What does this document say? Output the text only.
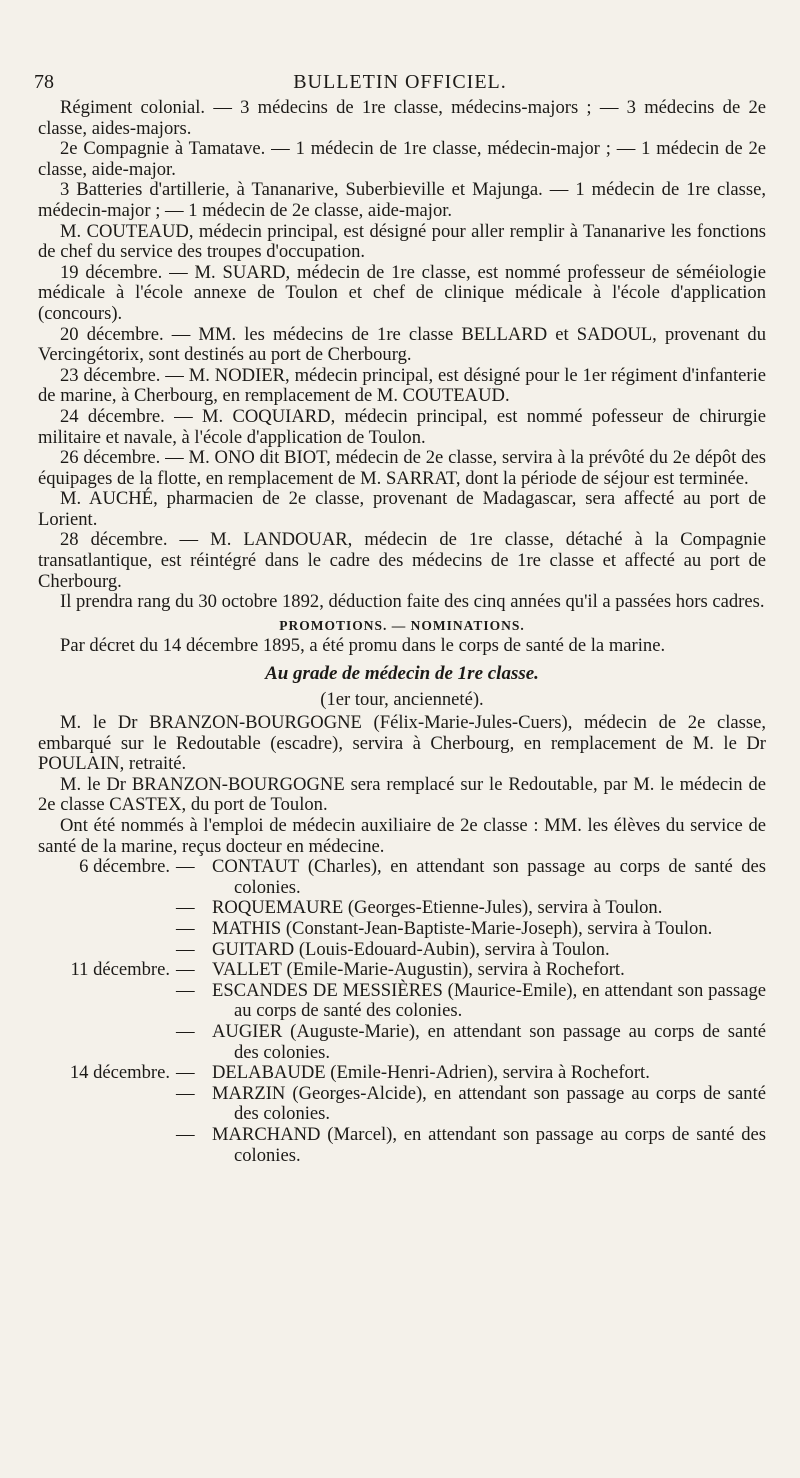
78	BULLETIN OFFICIEL.

Régiment colonial. — 3 médecins de 1re classe, médecins-majors ; — 3 médecins de 2e classe, aides-majors.

2e Compagnie à Tamatave. — 1 médecin de 1re classe, médecin-major ; — 1 médecin de 2e classe, aide-major.

3 Batteries d'artillerie, à Tananarive, Suberbieville et Majunga. — 1 médecin de 1re classe, médecin-major ; — 1 médecin de 2e classe, aide-major.

M. COUTEAUD, médecin principal, est désigné pour aller remplir à Tananarive les fonctions de chef du service des troupes d'occupation.

19 décembre. — M. SUARD, médecin de 1re classe, est nommé professeur de séméiologie médicale à l'école annexe de Toulon et chef de clinique médicale à l'école d'application (concours).

20 décembre. — MM. les médecins de 1re classe BELLARD et SADOUL, provenant du Vercingétorix, sont destinés au port de Cherbourg.

23 décembre. — M. NODIER, médecin principal, est désigné pour le 1er régiment d'infanterie de marine, à Cherbourg, en remplacement de M. COUTEAUD.

24 décembre. — M. COQUIARD, médecin principal, est nommé pofesseur de chirurgie militaire et navale, à l'école d'application de Toulon.

26 décembre. — M. ONO dit BIOT, médecin de 2e classe, servira à la prévôté du 2e dépôt des équipages de la flotte, en remplacement de M. SARRAT, dont la période de séjour est terminée.

M. AUCHÉ, pharmacien de 2e classe, provenant de Madagascar, sera affecté au port de Lorient.

28 décembre. — M. LANDOUAR, médecin de 1re classe, détaché à la Compagnie transatlantique, est réintégré dans le cadre des médecins de 1re classe et affecté au port de Cherbourg.

Il prendra rang du 30 octobre 1892, déduction faite des cinq années qu'il a passées hors cadres.

PROMOTIONS. — NOMINATIONS.

Par décret du 14 décembre 1895, a été promu dans le corps de santé de la marine.

Au grade de médecin de 1re classe.
(1er tour, ancienneté).

M. le Dr BRANZON-BOURGOGNE (Félix-Marie-Jules-Cuers), médecin de 2e classe, embarqué sur le Redoutable (escadre), servira à Cherbourg, en remplacement de M. le Dr POULAIN, retraité.

M. le Dr BRANZON-BOURGOGNE sera remplacé sur le Redoutable, par M. le médecin de 2e classe CASTEX, du port de Toulon.

Ont été nommés à l'emploi de médecin auxiliaire de 2e classe : MM. les élèves du service de santé de la marine, reçus docteur en médecine.

6 décembre. — CONTAUT (Charles), en attendant son passage au corps de santé des colonies.
— ROQUEMAURE (Georges-Etienne-Jules), servira à Toulon.
— MATHIS (Constant-Jean-Baptiste-Marie-Joseph), servira à Toulon.
— GUITARD (Louis-Edouard-Aubin), servira à Toulon.
11 décembre. — VALLET (Emile-Marie-Augustin), servira à Rochefort.
— ESCANDES DE MESSIÈRES (Maurice-Emile), en attendant son passage au corps de santé des colonies.
— AUGIER (Auguste-Marie), en attendant son passage au corps de santé des colonies.
14 décembre. — DELABAUDE (Emile-Henri-Adrien), servira à Rochefort.
— MARZIN (Georges-Alcide), en attendant son passage au corps de santé des colonies.
— MARCHAND (Marcel), en attendant son passage au corps de santé des colonies.
